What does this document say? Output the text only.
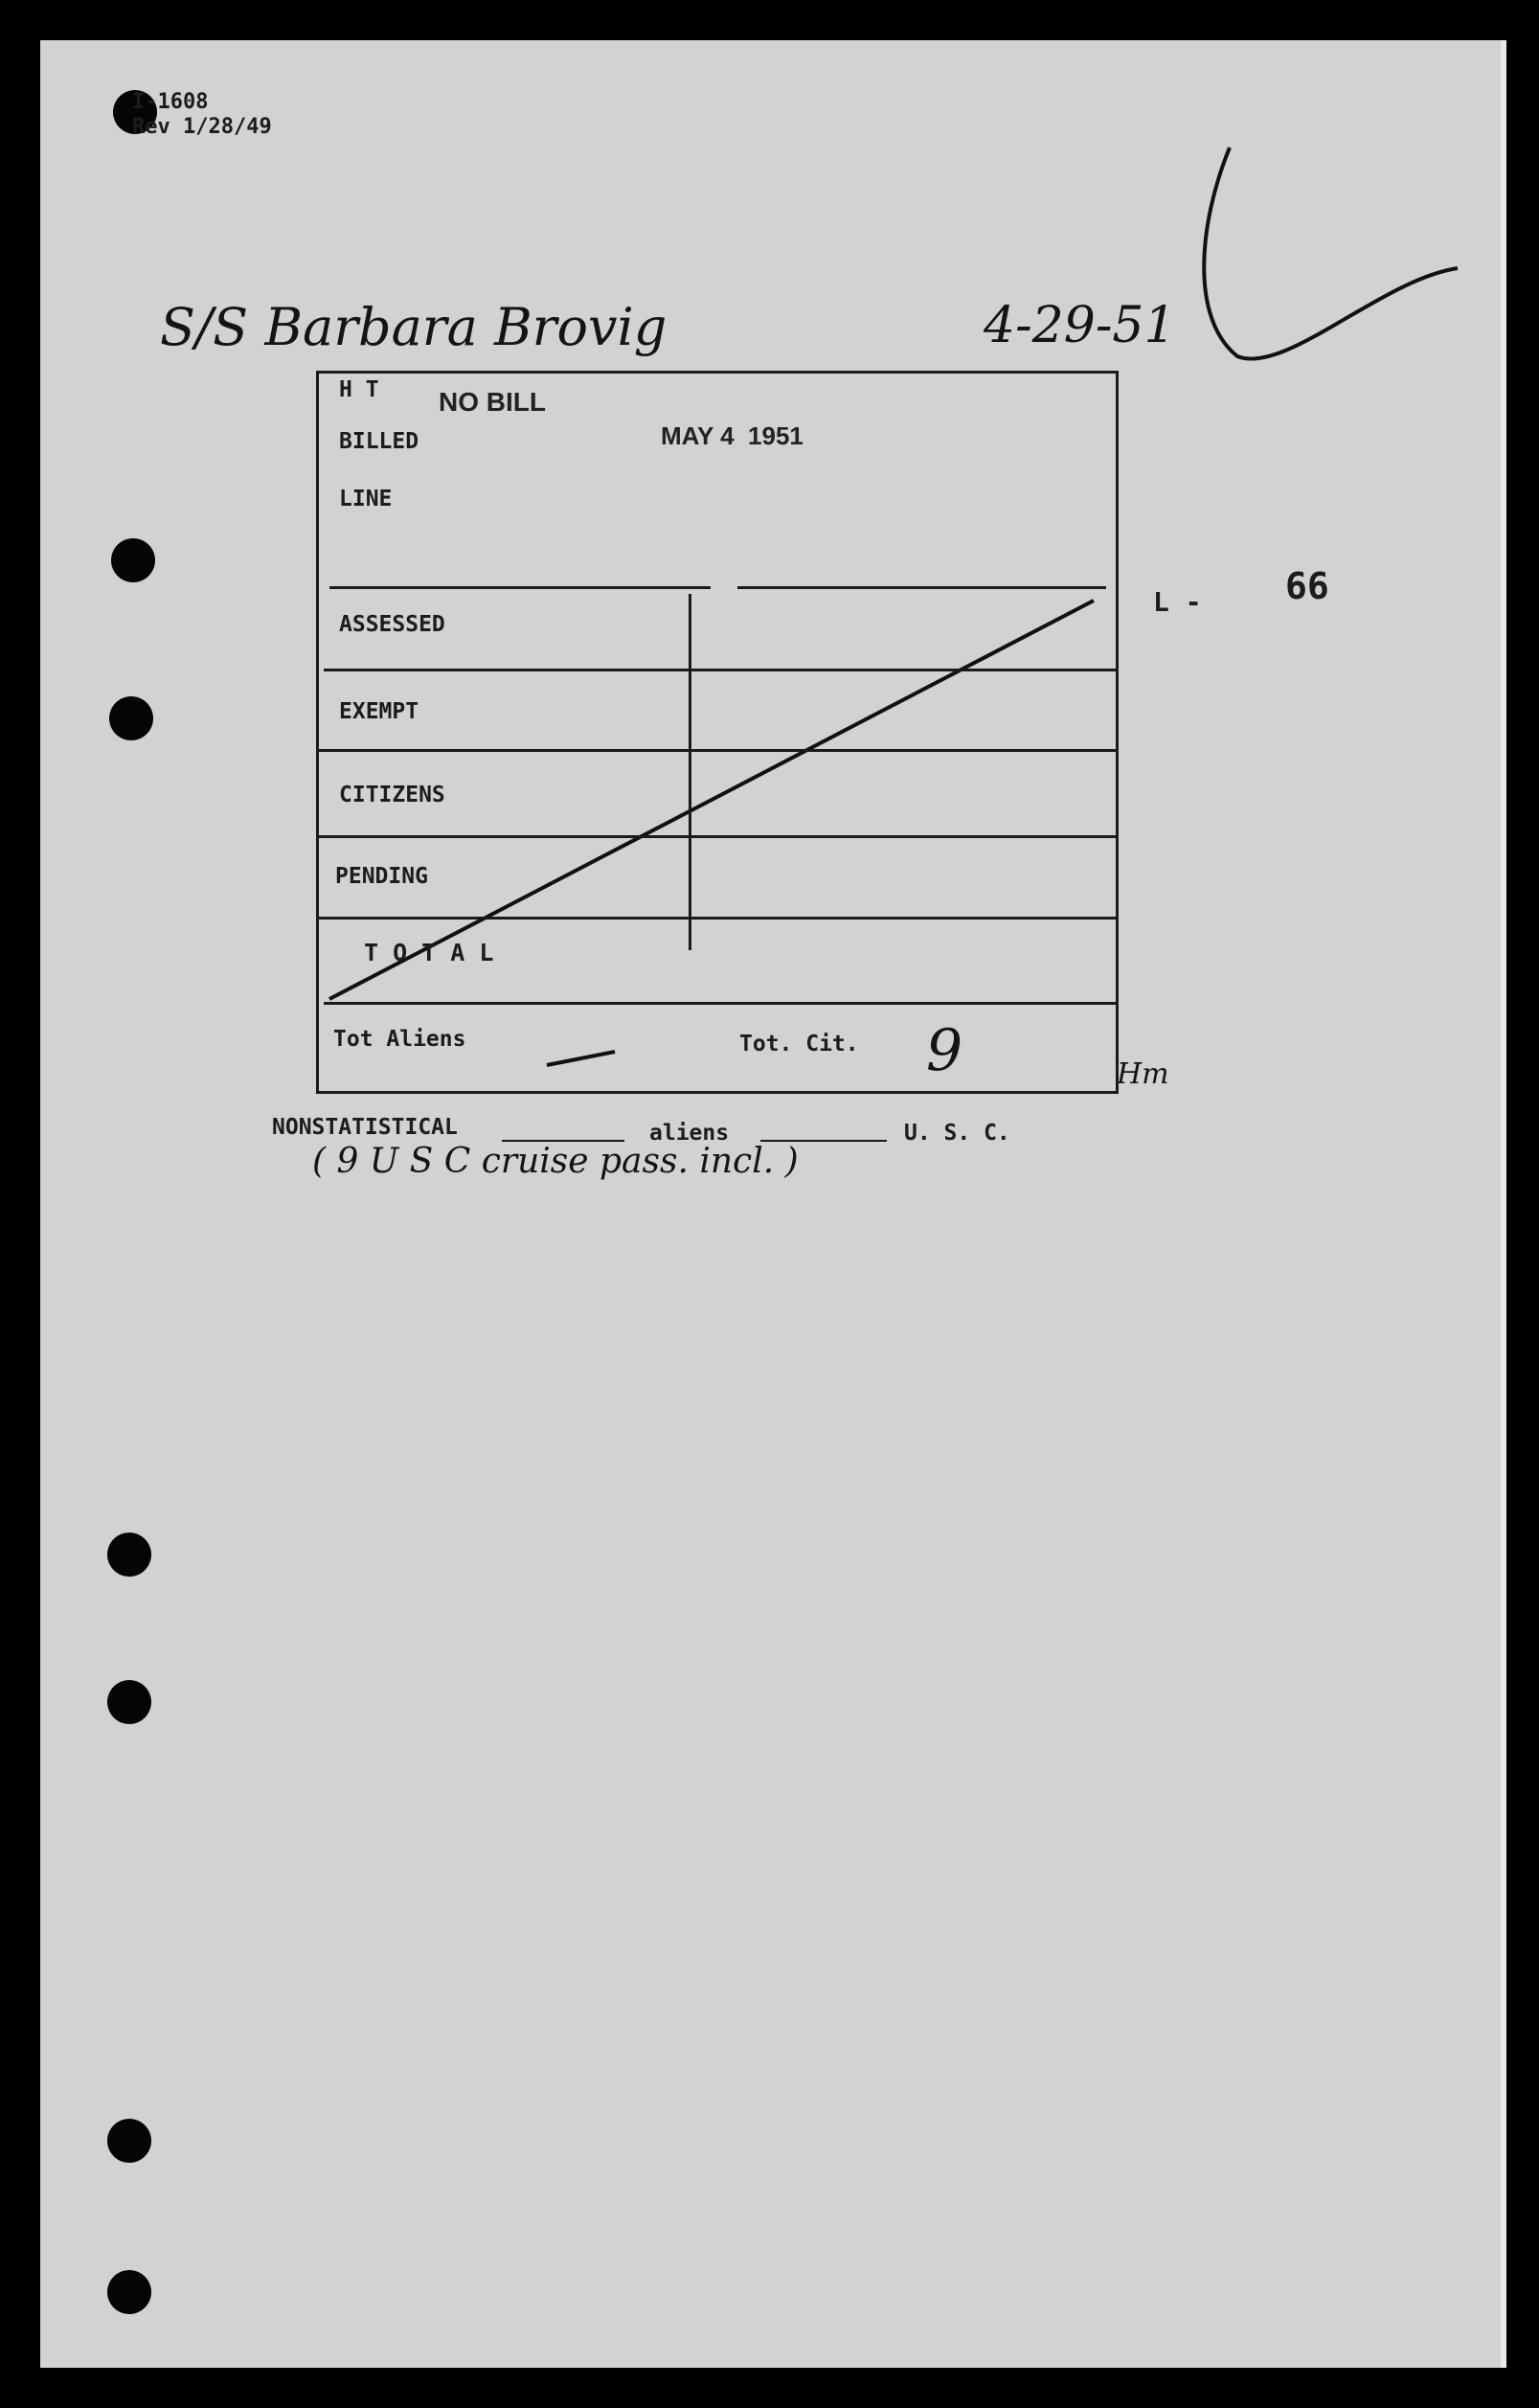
I-1608
Rev 1/28/49
S/S Barbara Brovig	4-29-51
H T NO BILL
BILLED	MAY 4  1951
LINE
ASSESSED
EXEMPT
CITIZENS
PENDING
T O T A L
Tot Aliens	Tot. Cit. 9
L - 66
Hm
NONSTATISTICAL	aliens	U. S. C.
( 9 U S C cruise pass. incl. )
